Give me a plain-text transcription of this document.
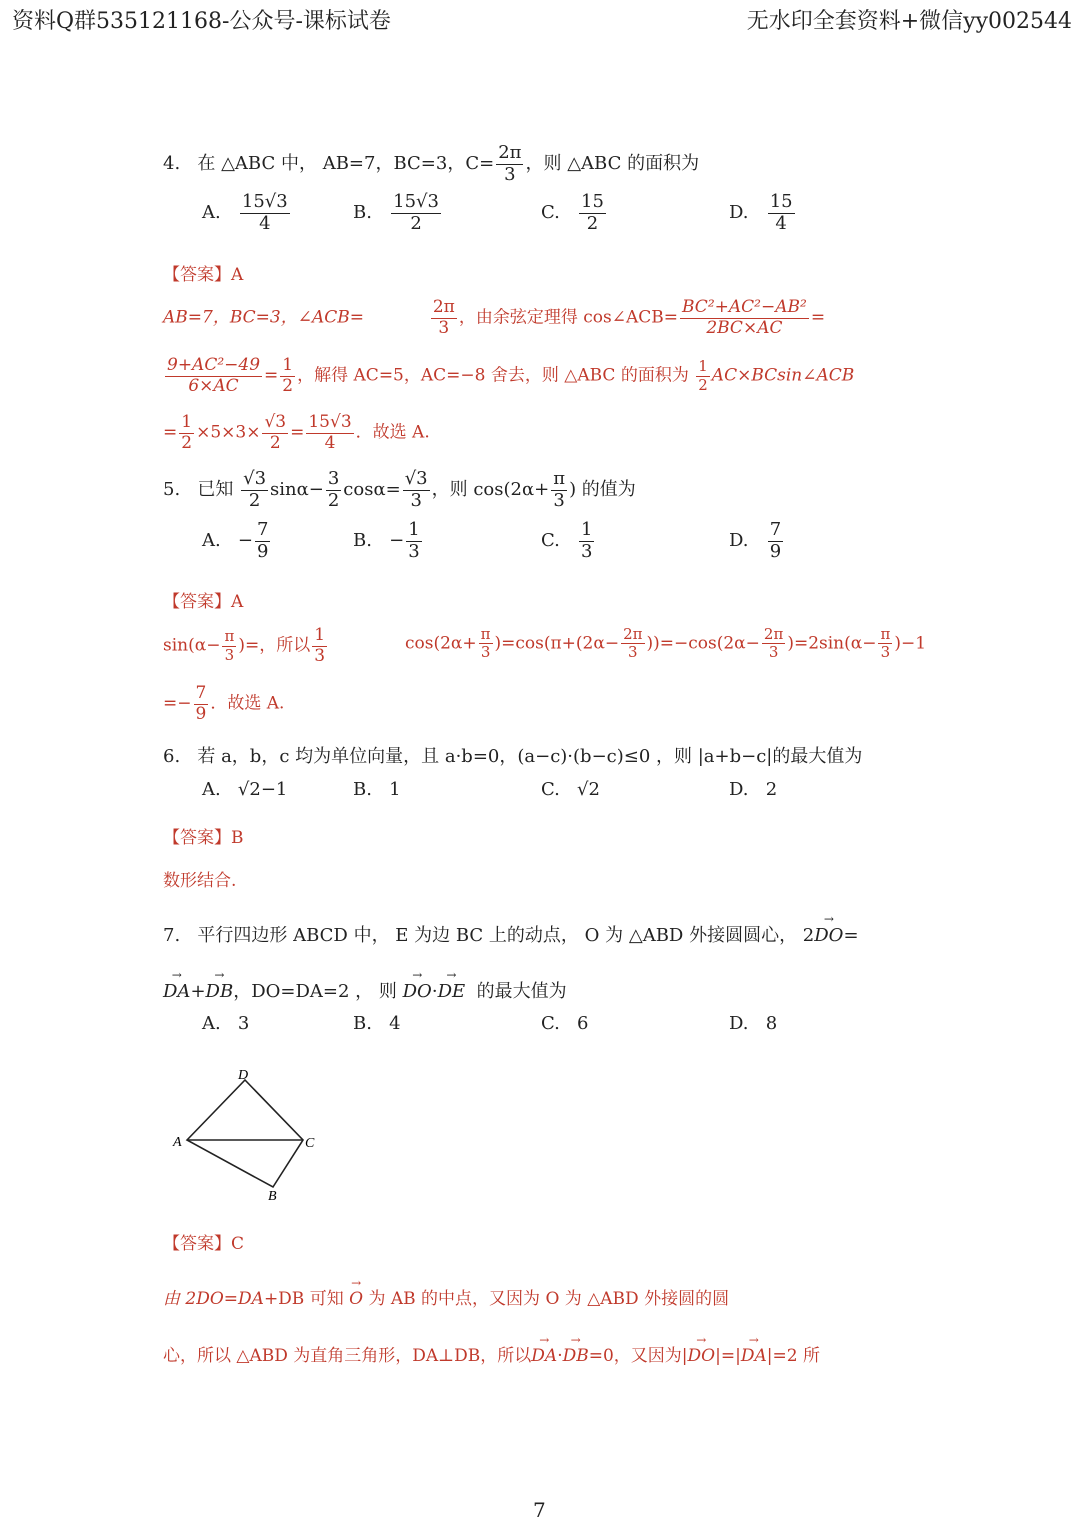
资料Q群535121168-公众号-课标试卷	无水印全套资料+微信yy002544
4. 在 △ABC 中， AB=7，BC=3，$C= \frac{2\pi}{3}$ ，则 △ABC 的面积为
A. $\frac{15√3}{4}$	B. $\frac{15√3}{2}$	C. $\frac{15}{2}$	D. $\frac{15}{4}$
【答案】A
AB=7，BC=3，∠ACB=	$\frac{2\pi}{3}$ ，由余弦定理得 cos∠ACB= $\frac{\text{BC²+AC²−AB²}}{2BC\times AC}$ =
$\frac{\text{9+AC²−49}}{6\times AC} = \frac{1}{2}$ ，解得 AC=5，AC=−8 舍去，则 △ABC 的面积为 $\frac{1}{2}$ AC×BCsin∠ACB
= $\frac{1}{2} \times 5\times 3\times \frac{√3}{2} = \frac{15√3}{4}$ ．故选 A.
5. 已知 $\frac{√3}{2} \sin\alpha- \frac{3}{2} \cos\alpha= \frac{√3}{3}$ ，则 $\cos(2\alpha+ \frac{\pi}{3}$ ) 的值为
A. − $\frac{7}{9}$	B. − $\frac{1}{3}$	C. $\frac{1}{3}$	D. $\frac{7}{9}$
【答案】A
$\sin(\alpha- \frac{\pi}{3}$ )=，所以 $\frac{1}{3}$	$\cos(2\alpha+ \frac{\pi}{3} )=\cos(\pi+(2\alpha- \frac{2\pi}{3} ))=-\cos(2\alpha- \frac{2\pi}{3} )=2\sin(\alpha- \frac{\pi}{3} )-1$
=− $\frac{7}{9}$ ．故选 A.
6. 若 a，b，c 均为单位向量，且 a·b=0，(a−c)·(b−c)≤0 ，则 |a+b−c|的最大值为
A. √2−1	B. 1	C. √2	D. 2
【答案】B
数形结合.
7. 平行四边形 ABCD 中， E 为边 BC 上的动点， O 为 △ABD 外接圆圆心， 2→ DO=
→ DA+→ DB，DO=DA=2 ， 则 → DO·→ DE 的最大值为
A. 3	B. 4	C. 6	D. 8
D
A	C
B
【答案】C
由 2DO=DA+DB 可知 → O 为 AB 的中点，又因为 O 为 △ABD 外接圆的圆
心，所以 △ABD 为直角三角形，DA⊥DB，所以→ DA·→ DB=0，又因为|→ DO|=|→ DA|=2 所
7
